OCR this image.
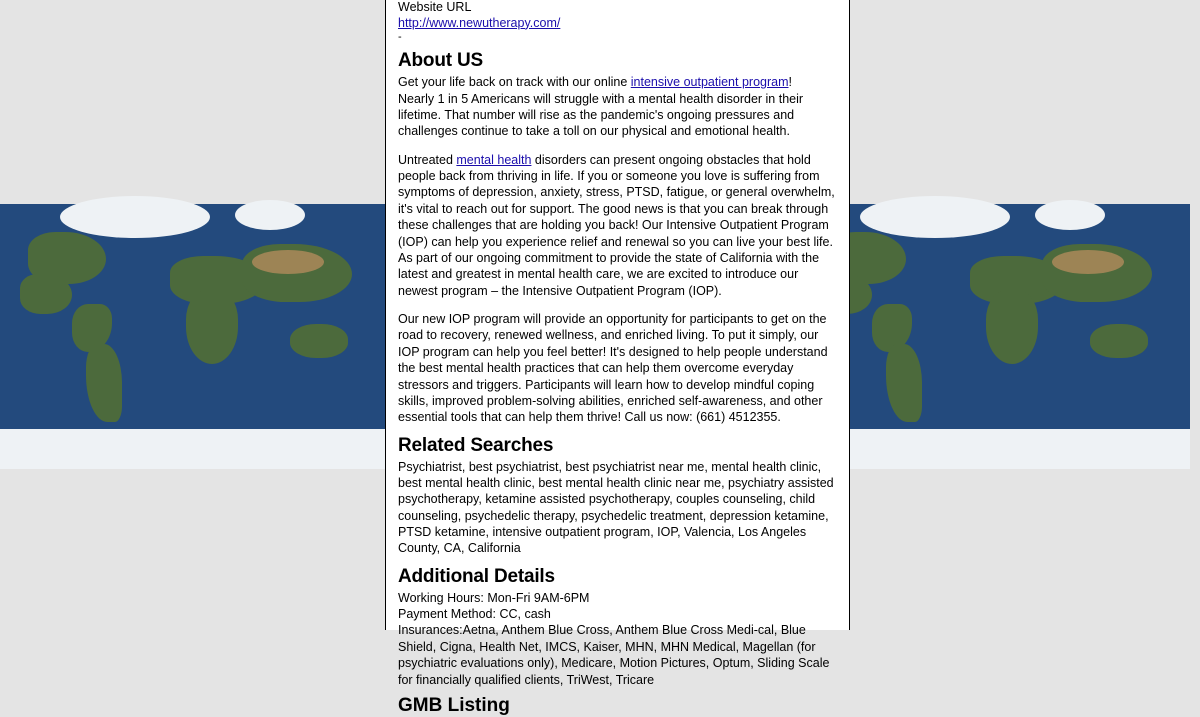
Website URL

http://www.newutherapy.com/

-

About US

Get your life back on track with our online intensive outpatient program!

Nearly 1 in 5 Americans will struggle with a mental health disorder in their lifetime. That number will rise as the pandemic's ongoing pressures and challenges continue to take a toll on our physical and emotional health.

Untreated mental health disorders can present ongoing obstacles that hold people back from thriving in life. If you or someone you love is suffering from symptoms of depression, anxiety, stress, PTSD, fatigue, or general overwhelm, it's vital to reach out for support. The good news is that you can break through these challenges that are holding you back! Our Intensive Outpatient Program (IOP) can help you experience relief and renewal so you can live your best life. As part of our ongoing commitment to provide the state of California with the latest and greatest in mental health care, we are excited to introduce our newest program – the Intensive Outpatient Program (IOP).

Our new IOP program will provide an opportunity for participants to get on the road to recovery, renewed wellness, and enriched living. To put it simply, our IOP program can help you feel better! It's designed to help people understand the best mental health practices that can help them overcome everyday stressors and triggers. Participants will learn how to develop mindful coping skills, improved problem-solving abilities, enriched self-awareness, and other essential tools that can help them thrive! Call us now: (661) 4512355.

Related Searches

Psychiatrist, best psychiatrist, best psychiatrist near me, mental health clinic, best mental health clinic, best mental health clinic near me, psychiatry assisted psychotherapy, ketamine assisted psychotherapy, couples counseling, child counseling, psychedelic therapy, psychedelic treatment, depression ketamine, PTSD ketamine, intensive outpatient program, IOP, Valencia, Los Angeles County, CA, California

Additional Details

Working Hours: Mon-Fri 9AM-6PM

Payment Method: CC, cash

Insurances:Aetna, Anthem Blue Cross, Anthem Blue Cross Medi-cal, Blue Shield, Cigna, Health Net, IMCS, Kaiser, MHN, MHN Medical, Magellan (for psychiatric evaluations only), Medicare, Motion Pictures, Optum, Sliding Scale for financially qualified clients, TriWest, Tricare

GMB Listing
